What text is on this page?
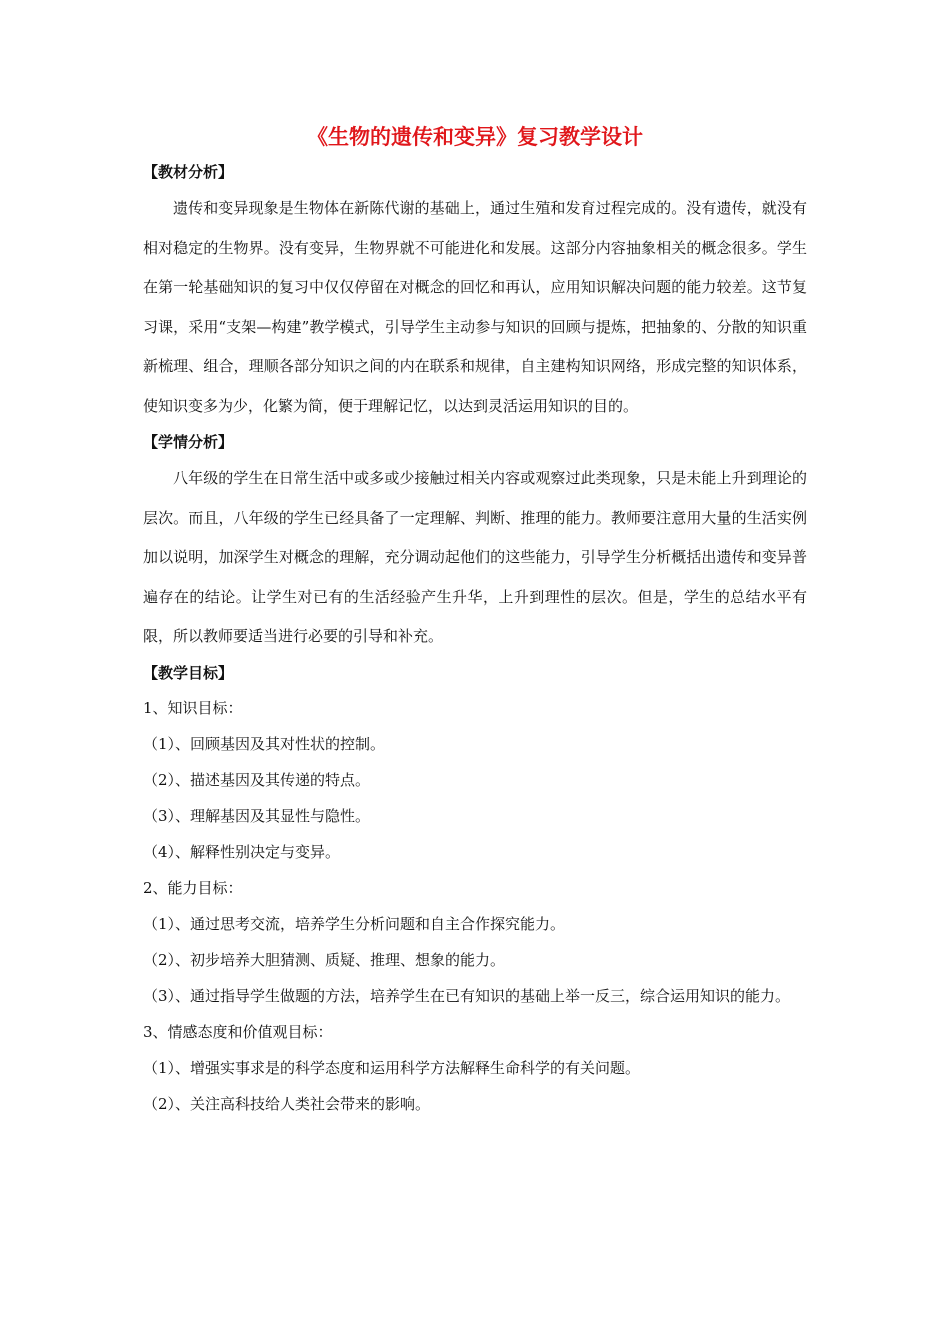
《生物的遗传和变异》复习教学设计
【教材分析】

遗传和变异现象是生物体在新陈代谢的基础上，通过生殖和发育过程完成的。没有遗传，就没有相对稳定的生物界。没有变异，生物界就不可能进化和发展。这部分内容抽象相关的概念很多。学生在第一轮基础知识的复习中仅仅停留在对概念的回忆和再认，应用知识解决问题的能力较差。这节复习课，采用“支架—构建”教学模式，引导学生主动参与知识的回顾与提炼，把抽象的、分散的知识重新梳理、组合，理顺各部分知识之间的内在联系和规律，自主建构知识网络，形成完整的知识体系，使知识变多为少，化繁为简，便于理解记忆，以达到灵活运用知识的目的。

【学情分析】

八年级的学生在日常生活中或多或少接触过相关内容或观察过此类现象，只是未能上升到理论的层次。而且，八年级的学生已经具备了一定理解、判断、推理的能力。教师要注意用大量的生活实例加以说明，加深学生对概念的理解，充分调动起他们的这些能力，引导学生分析概括出遗传和变异普遍存在的结论。让学生对已有的生活经验产生升华，上升到理性的层次。但是，学生的总结水平有限，所以教师要适当进行必要的引导和补充。

【教学目标】

1、知识目标：

（1）、回顾基因及其对性状的控制。

（2）、描述基因及其传递的特点。

（3）、理解基因及其显性与隐性。

（4）、解释性别决定与变异。

2、能力目标：

（1）、通过思考交流，培养学生分析问题和自主合作探究能力。

（2）、初步培养大胆猜测、质疑、推理、想象的能力。

（3）、通过指导学生做题的方法，培养学生在已有知识的基础上举一反三，综合运用知识的能力。

3、情感态度和价值观目标：

（1）、增强实事求是的科学态度和运用科学方法解释生命科学的有关问题。

（2）、关注高科技给人类社会带来的影响。
